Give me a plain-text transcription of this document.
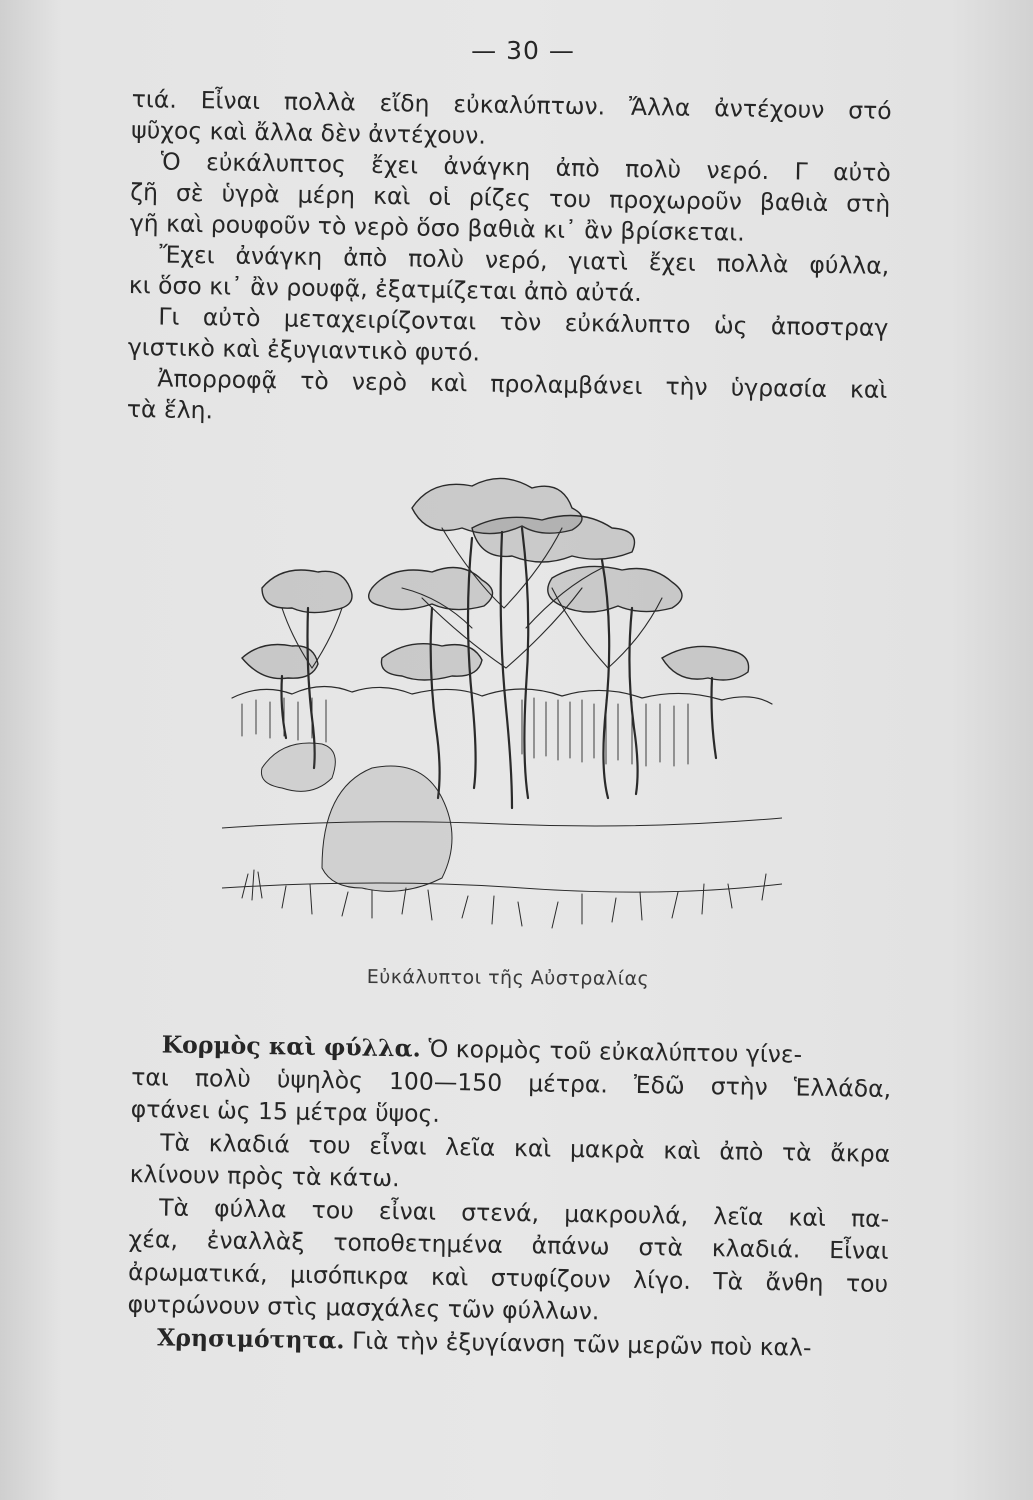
— 30 —
τιά. Εἶναι πολλὰ εἴδη εὐκαλύπτων. Ἄλλα ἀντέχουν στό
ψῦχος καὶ ἄλλα δὲν ἀντέχουν.
Ὁ εὐκάλυπτος ἔχει ἀνάγκη ἀπὸ πολὺ νερό. Γ αὐτὸ
ζῆ σὲ ὑγρὰ μέρη καὶ οἱ ρίζες του προχωροῦν βαθιὰ στὴ
γῆ καὶ ρουφοῦν τὸ νερὸ ὅσο βαθιὰ κι᾽ ἂν βρίσκεται.
Ἔχει ἀνάγκη ἀπὸ πολὺ νερό, γιατὶ ἔχει πολλὰ φύλλα,
κι ὅσο κι᾽ ἂν ρουφᾷ, ἐξατμίζεται ἀπὸ αὐτά.
Γι αὐτὸ μεταχειρίζονται τὸν εὐκάλυπτο ὡς ἀποστραγ
γιστικὸ καὶ ἐξυγιαντικὸ φυτό.
Ἀπορροφᾷ τὸ νερὸ καὶ προλαμβάνει τὴν ὑγρασία καὶ
τὰ ἕλη.
Εὐκάλυπτοι τῆς Αὐστραλίας
Κορμὸς καὶ φύλλα. Ὁ κορμὸς τοῦ εὐκαλύπτου γίνε-
ται πολὺ ὑψηλὸς 100—150 μέτρα. Ἐδῶ στὴν Ἑλλάδα,
φτάνει ὡς 15 μέτρα ὕψος.
Τὰ κλαδιά του εἶναι λεῖα καὶ μακρὰ καὶ ἀπὸ τὰ ἄκρα
κλίνουν πρὸς τὰ κάτω.
Τὰ φύλλα του εἶναι στενά, μακρουλά, λεῖα καὶ πα-
χέα, ἐναλλὰξ τοποθετημένα ἀπάνω στὰ κλαδιά. Εἶναι
ἀρωματικά, μισόπικρα καὶ στυφίζουν λίγο. Τὰ ἄνθη του
φυτρώνουν στὶς μασχάλες τῶν φύλλων.
Χρησιμότητα. Γιὰ τὴν ἐξυγίανση τῶν μερῶν ποὺ καλ-
